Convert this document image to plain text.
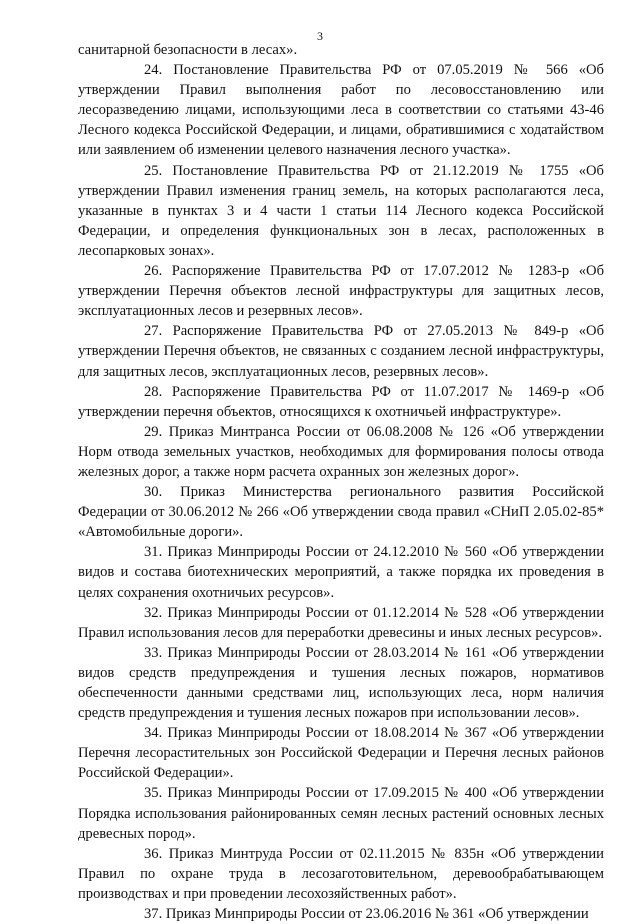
3

санитарной безопасности в лесах».

24. Постановление Правительства РФ от 07.05.2019 № 566 «Об утверждении Правил выполнения работ по лесовосстановлению или лесоразведению лицами, использующими леса в соответствии со статьями 43-46 Лесного кодекса Российской Федерации, и лицами, обратившимися с ходатайством или заявлением об изменении целевого назначения лесного участка».

25. Постановление Правительства РФ от 21.12.2019 № 1755 «Об утверждении Правил изменения границ земель, на которых располагаются леса, указанные в пунктах 3 и 4 части 1 статьи 114 Лесного кодекса Российской Федерации, и определения функциональных зон в лесах, расположенных в лесопарковых зонах».

26. Распоряжение Правительства РФ от 17.07.2012 № 1283-р «Об утверждении Перечня объектов лесной инфраструктуры для защитных лесов, эксплуатационных лесов и резервных лесов».

27. Распоряжение Правительства РФ от 27.05.2013 № 849-р «Об утверждении Перечня объектов, не связанных с созданием лесной инфраструктуры, для защитных лесов, эксплуатационных лесов, резервных лесов».

28. Распоряжение Правительства РФ от 11.07.2017 № 1469-р «Об утверждении перечня объектов, относящихся к охотничьей инфраструктуре».

29. Приказ Минтранса России от 06.08.2008 № 126 «Об утверждении Норм отвода земельных участков, необходимых для формирования полосы отвода железных дорог, а также норм расчета охранных зон железных дорог».

30. Приказ Министерства регионального развития Российской Федерации от 30.06.2012 № 266 «Об утверждении свода правил «СНиП 2.05.02-85* «Автомобильные дороги».

31. Приказ Минприроды России от 24.12.2010 № 560 «Об утверждении видов и состава биотехнических мероприятий, а также порядка их проведения в целях сохранения охотничьих ресурсов».

32. Приказ Минприроды России от 01.12.2014 № 528 «Об утверждении Правил использования лесов для переработки древесины и иных лесных ресурсов».

33. Приказ Минприроды России от 28.03.2014 № 161 «Об утверждении видов средств предупреждения и тушения лесных пожаров, нормативов обеспеченности данными средствами лиц, использующих леса, норм наличия средств предупреждения и тушения лесных пожаров при использовании лесов».

34. Приказ Минприроды России от 18.08.2014 № 367 «Об утверждении Перечня лесорастительных зон Российской Федерации и Перечня лесных районов Российской Федерации».

35. Приказ Минприроды России от 17.09.2015 № 400 «Об утверждении Порядка использования районированных семян лесных растений основных лесных древесных пород».

36. Приказ Минтруда России от 02.11.2015 № 835н «Об утверждении Правил по охране труда в лесозаготовительном, деревообрабатывающем производствах и при проведении лесохозяйственных работ».

37. Приказ Минприроды России от 23.06.2016 № 361 «Об утверждении
